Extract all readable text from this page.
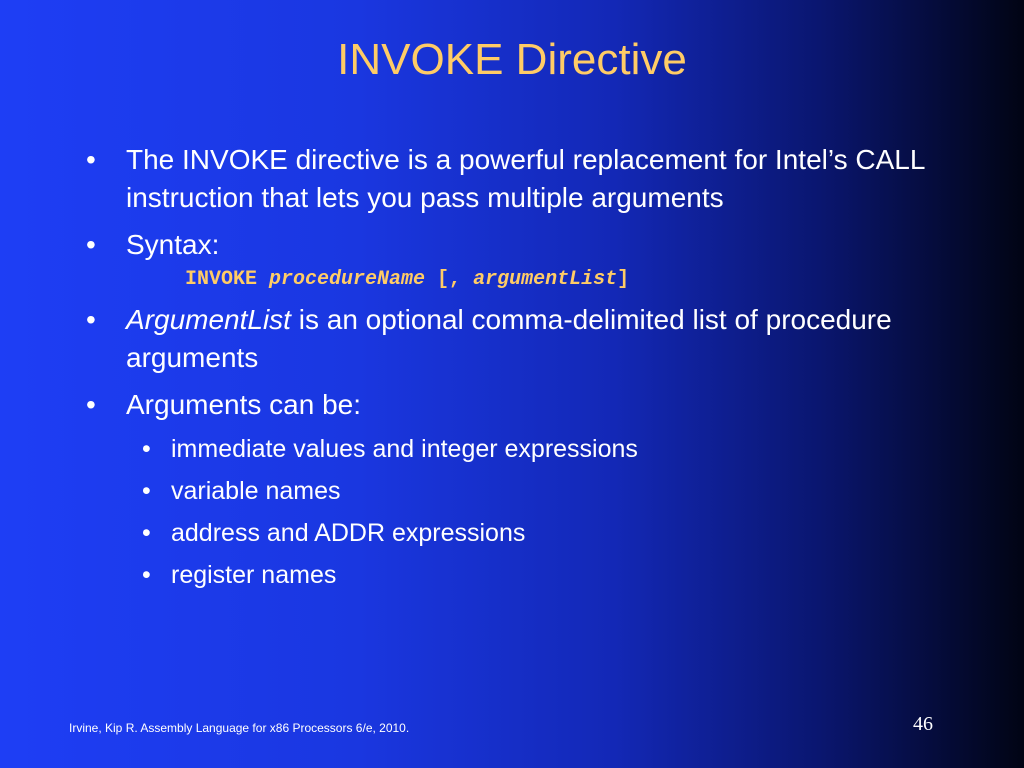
INVOKE Directive
• The INVOKE directive is a powerful replacement for Intel’s CALL instruction that lets you pass multiple arguments
• Syntax:
INVOKE procedureName [, argumentList]
• ArgumentList is an optional comma-delimited list of procedure arguments
• Arguments can be:
• immediate values and integer expressions
• variable names
• address and ADDR expressions
• register names
Irvine, Kip R. Assembly Language for x86 Processors 6/e, 2010.	46
